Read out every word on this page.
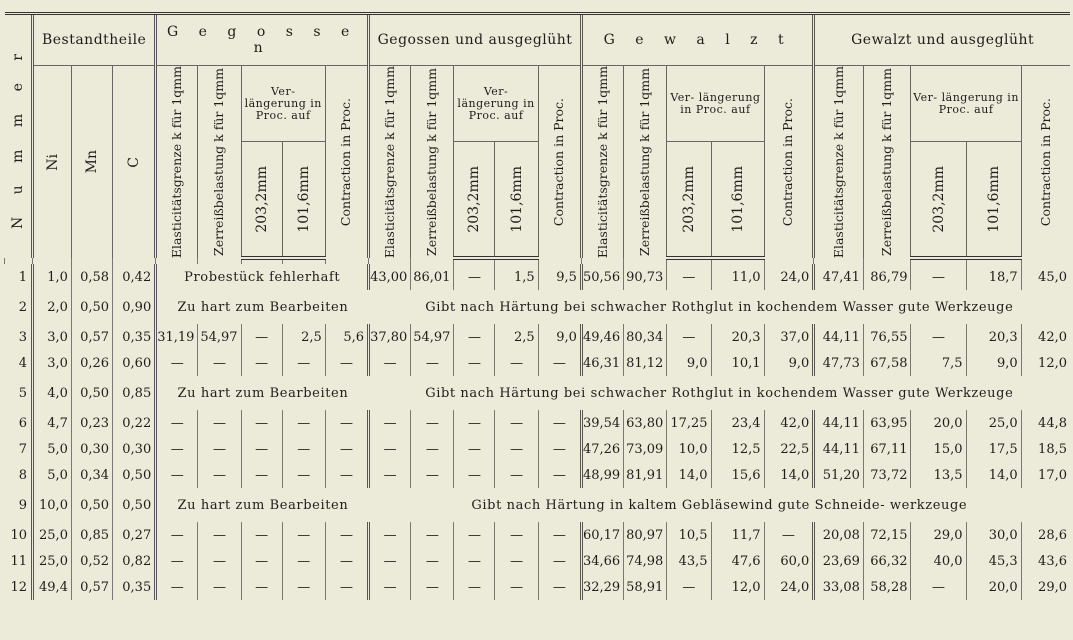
N u m m e r	Bestandtheile			G e g o s s e n					Gegossen und ausgeglüht					G e w a l z t					Gewalzt und ausgeglüht				

	Ni	Mn	C	Elasticitätsgrenze k für 1qmm	Zerreißbelastung k für 1qmm	Ver- längerung in Proc. auf		Contraction in Proc.	Elasticitätsgrenze k für 1qmm	Zerreißbelastung k für 1qmm	Ver- längerung in Proc. auf		Contraction in Proc.	Elasticitätsgrenze k für 1qmm	Zerreißbelastung k für 1qmm	Ver- längerung in Proc. auf		Contraction in Proc.	Elasticitätsgrenze k für 1qmm	Zerreißbelastung k für 1qmm	Ver- längerung in Proc. auf		Contraction in Proc.

						203,2mm	101,6mm				203,2mm	101,6mm				203,2mm	101,6mm				203,2mm	101,6mm	

1	1,0	0,58	0,42	Probestück fehlerhaft					43,00	86,01	—	1,5	9,5	50,56	90,73	—	11,0	24,0	47,41	86,79	—	18,7	45,0
2	2,0	0,50	0,90	Zu hart zum Bearbeiten					Gibt nach Härtung bei schwacher Rothglut in kochendem Wasser gute Werkzeuge														
3	3,0	0,57	0,35	31,19	54,97	—	2,5	5,6	37,80	54,97	—	2,5	9,0	49,46	80,34	—	20,3	37,0	44,11	76,55	—	20,3	42,0
4	3,0	0,26	0,60	—	—	—	—	—	—	—	—	—	—	46,31	81,12	9,0	10,1	9,0	47,73	67,58	7,5	9,0	12,0
5	4,0	0,50	0,85	Zu hart zum Bearbeiten					Gibt nach Härtung bei schwacher Rothglut in kochendem Wasser gute Werkzeuge														
6	4,7	0,23	0,22	—	—	—	—	—	—	—	—	—	—	39,54	63,80	17,25	23,4	42,0	44,11	63,95	20,0	25,0	44,8
7	5,0	0,30	0,30	—	—	—	—	—	—	—	—	—	—	47,26	73,09	10,0	12,5	22,5	44,11	67,11	15,0	17,5	18,5
8	5,0	0,34	0,50	—	—	—	—	—	—	—	—	—	—	48,99	81,91	14,0	15,6	14,0	51,20	73,72	13,5	14,0	17,0
9	10,0	0,50	0,50	Zu hart zum Bearbeiten					Gibt nach Härtung in kaltem Gebläsewind gute Schneide- werkzeuge														
10	25,0	0,85	0,27	—	—	—	—	—	—	—	—	—	—	60,17	80,97	10,5	11,7	—	20,08	72,15	29,0	30,0	28,6
11	25,0	0,52	0,82	—	—	—	—	—	—	—	—	—	—	34,66	74,98	43,5	47,6	60,0	23,69	66,32	40,0	45,3	43,6
12	49,4	0,57	0,35	—	—	—	—	—	—	—	—	—	—	32,29	58,91	—	12,0	24,0	33,08	58,28	—	20,0	29,0
